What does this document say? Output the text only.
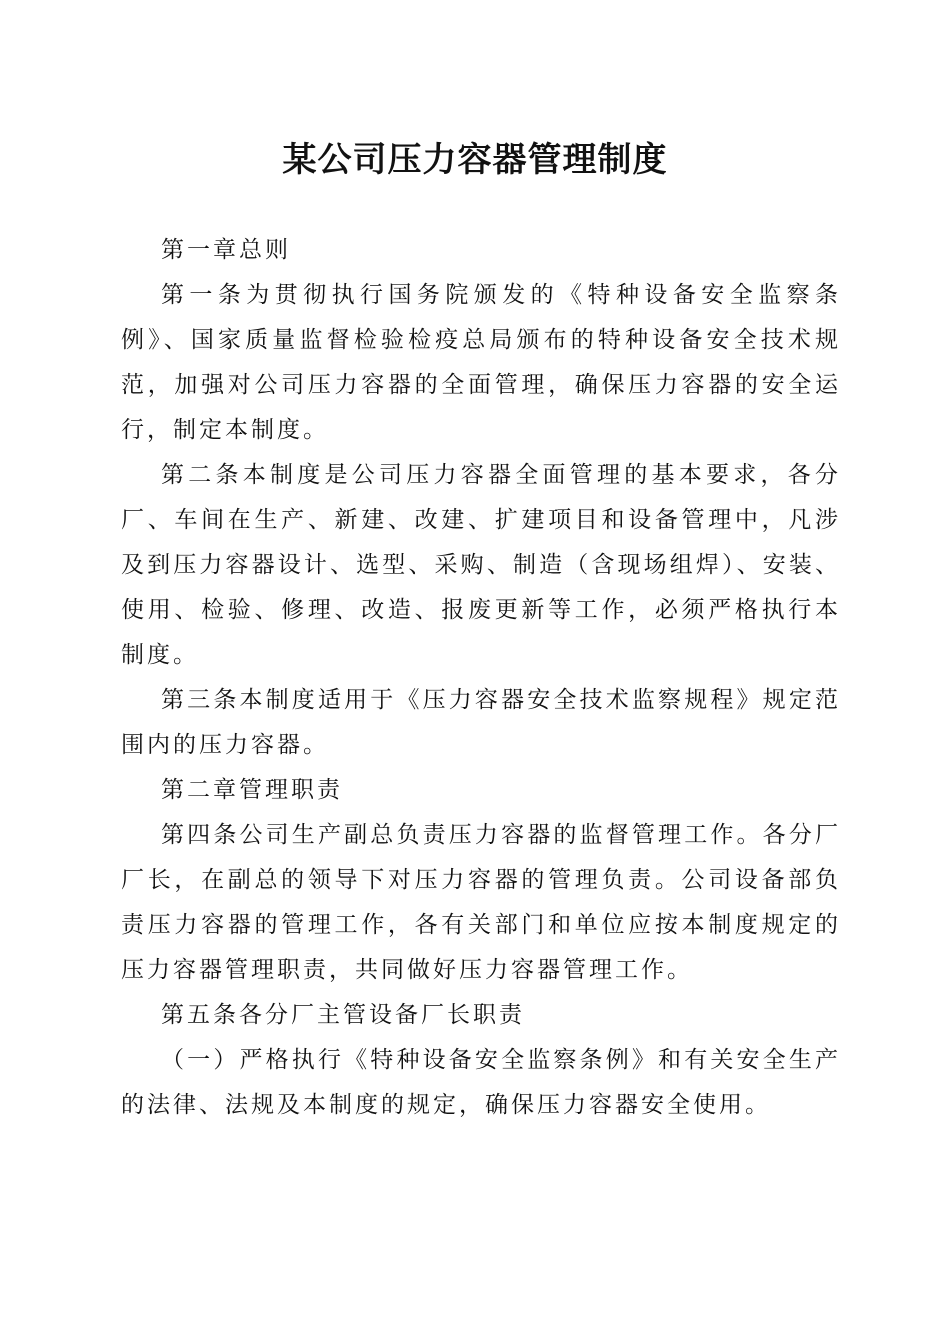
某公司压力容器管理制度

第一章总则

第一条为贯彻执行国务院颁发的《特种设备安全监察条例》、国家质量监督检验检疫总局颁布的特种设备安全技术规范，加强对公司压力容器的全面管理，确保压力容器的安全运行，制定本制度。

第二条本制度是公司压力容器全面管理的基本要求，各分厂、车间在生产、新建、改建、扩建项目和设备管理中，凡涉及到压力容器设计、选型、采购、制造（含现场组焊）、安装、使用、检验、修理、改造、报废更新等工作，必须严格执行本制度。

第三条本制度适用于《压力容器安全技术监察规程》规定范围内的压力容器。

第二章管理职责

第四条公司生产副总负责压力容器的监督管理工作。各分厂厂长，在副总的领导下对压力容器的管理负责。公司设备部负责压力容器的管理工作，各有关部门和单位应按本制度规定的压力容器管理职责，共同做好压力容器管理工作。

第五条各分厂主管设备厂长职责

（一）严格执行《特种设备安全监察条例》和有关安全生产的法律、法规及本制度的规定，确保压力容器安全使用。
